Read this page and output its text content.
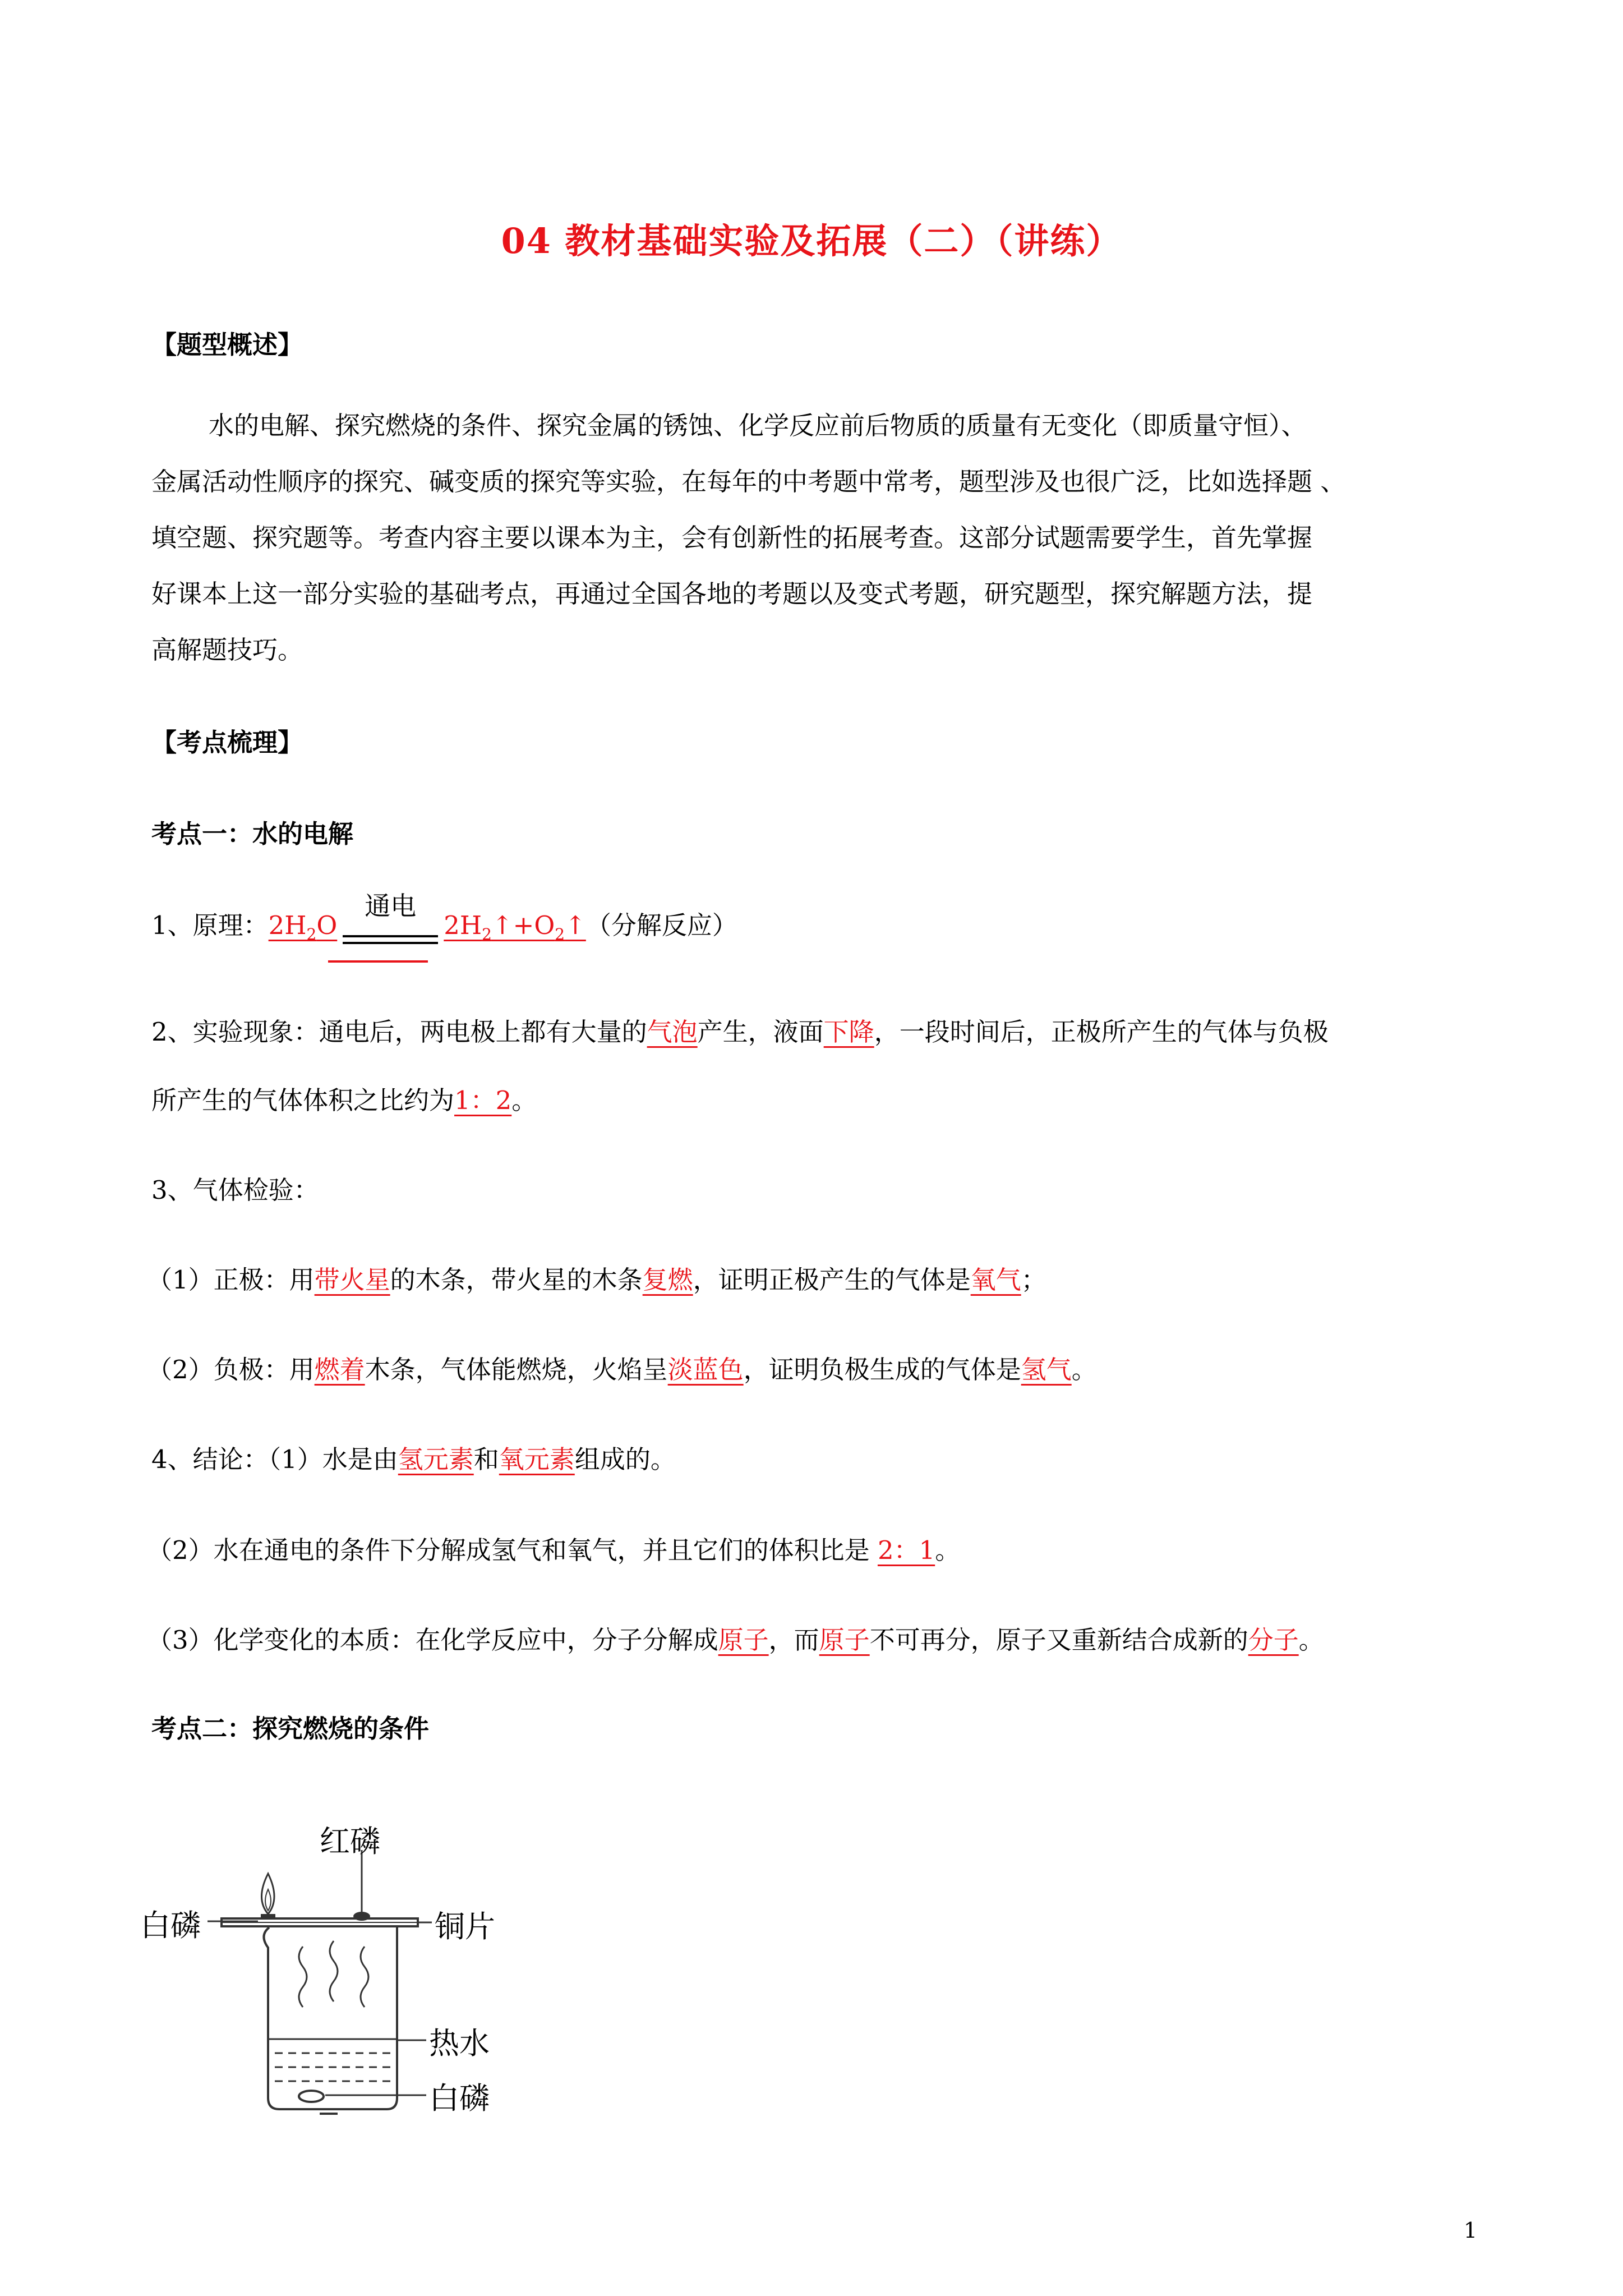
04 教材基础实验及拓展（二）（讲练）
【题型概述】
水的电解、探究燃烧的条件、探究金属的锈蚀、化学反应前后物质的质量有无变化（即质量守恒）、
金属活动性顺序的探究、碱变质的探究等实验，在每年的中考题中常考，题型涉及也很广泛，比如选择题 、
填空题、探究题等。考查内容主要以课本为主，会有创新性的拓展考查。这部分试题需要学生，首先掌握
好课本上这一部分实验的基础考点，再通过全国各地的考题以及变式考题，研究题型，探究解题方法，提
高解题技巧。
【考点梳理】
考点一：水的电解
1、原理：$2H_2O$
通电
$2H_2↑+O_2↑$（分解反应）
2、实验现象：通电后，两电极上都有大量的气泡产生，液面下降，一段时间后，正极所产生的气体与负极
所产生的气体体积之比约为1：2。
3、气体检验：
（1）正极：用带火星的木条，带火星的木条复燃，证明正极产生的气体是氧气；
（2）负极：用燃着木条，气体能燃烧，火焰呈淡蓝色，证明负极生成的气体是氢气。
4、结论：（1）水是由氢元素和氧元素组成的。
（2）水在通电的条件下分解成氢气和氧气，并且它们的体积比是 2：1。
（3）化学变化的本质：在化学反应中，分子分解成原子，而原子不可再分，原子又重新结合成新的分子。
考点二：探究燃烧的条件
白磷
红磷
铜片
热水
白磷
1
